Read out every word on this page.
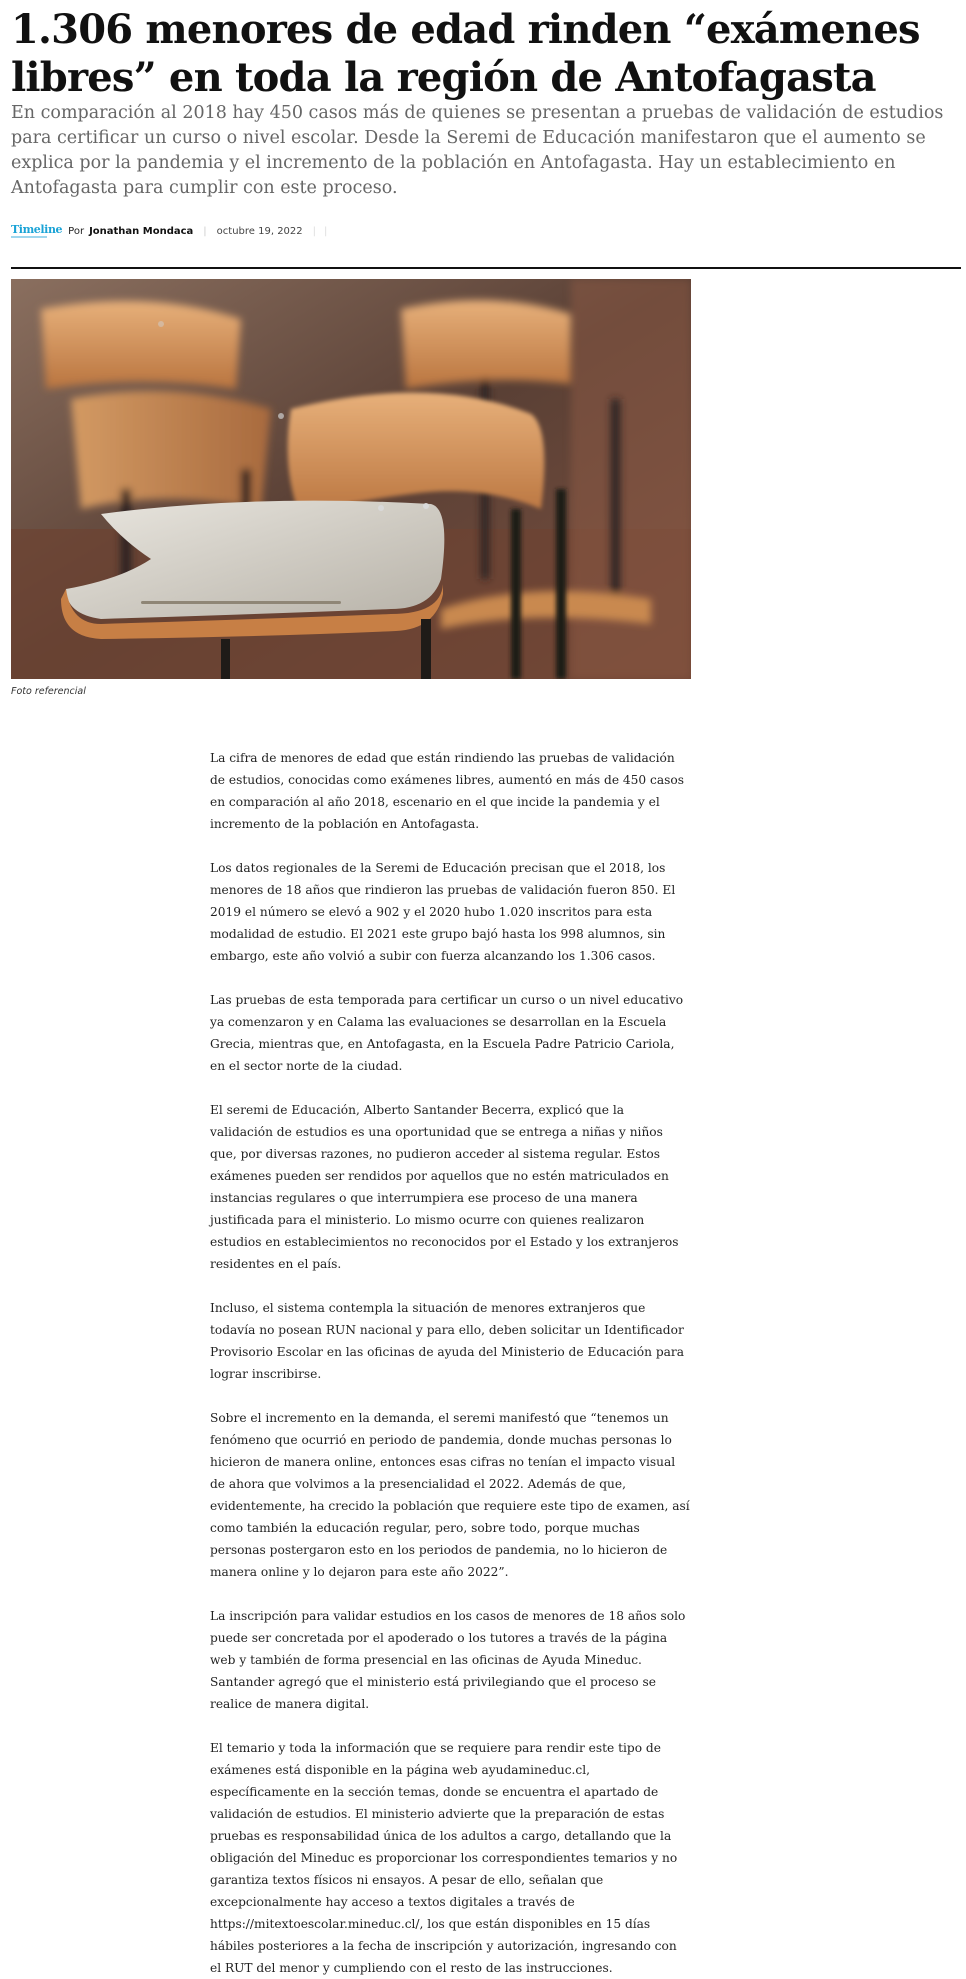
1.306 menores de edad rinden “exámenes libres” en toda la región de Antofagasta

En comparación al 2018 hay 450 casos más de quienes se presentan a pruebas de validación de estudios para certificar un curso o nivel escolar. Desde la Seremi de Educación manifestaron que el aumento se explica por la pandemia y el incremento de la población en Antofagasta. Hay un establecimiento en Antofagasta para cumplir con este proceso.

Timeline Por Jonathan Mondaca | octubre 19, 2022 | |
Foto referencial

La cifra de menores de edad que están rindiendo las pruebas de validación de estudios, conocidas como exámenes libres, aumentó en más de 450 casos en comparación al año 2018, escenario en el que incide la pandemia y el incremento de la población en Antofagasta.

Los datos regionales de la Seremi de Educación precisan que el 2018, los menores de 18 años que rindieron las pruebas de validación fueron 850. El 2019 el número se elevó a 902 y el 2020 hubo 1.020 inscritos para esta modalidad de estudio. El 2021 este grupo bajó hasta los 998 alumnos, sin embargo, este año volvió a subir con fuerza alcanzando los 1.306 casos.

Las pruebas de esta temporada para certificar un curso o un nivel educativo ya comenzaron y en Calama las evaluaciones se desarrollan en la Escuela Grecia, mientras que, en Antofagasta, en la Escuela Padre Patricio Cariola, en el sector norte de la ciudad.

El seremi de Educación, Alberto Santander Becerra, explicó que la validación de estudios es una oportunidad que se entrega a niñas y niños que, por diversas razones, no pudieron acceder al sistema regular. Estos exámenes pueden ser rendidos por aquellos que no estén matriculados en instancias regulares o que interrumpiera ese proceso de una manera justificada para el ministerio. Lo mismo ocurre con quienes realizaron estudios en establecimientos no reconocidos por el Estado y los extranjeros residentes en el país.

Incluso, el sistema contempla la situación de menores extranjeros que todavía no posean RUN nacional y para ello, deben solicitar un Identificador Provisorio Escolar en las oficinas de ayuda del Ministerio de Educación para lograr inscribirse.

Sobre el incremento en la demanda, el seremi manifestó que “tenemos un fenómeno que ocurrió en periodo de pandemia, donde muchas personas lo hicieron de manera online, entonces esas cifras no tenían el impacto visual de ahora que volvimos a la presencialidad el 2022. Además de que, evidentemente, ha crecido la población que requiere este tipo de examen, así como también la educación regular, pero, sobre todo, porque muchas personas postergaron esto en los periodos de pandemia, no lo hicieron de manera online y lo dejaron para este año 2022”.

La inscripción para validar estudios en los casos de menores de 18 años solo puede ser concretada por el apoderado o los tutores a través de la página web y también de forma presencial en las oficinas de Ayuda Mineduc. Santander agregó que el ministerio está privilegiando que el proceso se realice de manera digital.

El temario y toda la información que se requiere para rendir este tipo de exámenes está disponible en la página web ayudamineduc.cl, específicamente en la sección temas, donde se encuentra el apartado de validación de estudios. El ministerio advierte que la preparación de estas pruebas es responsabilidad única de los adultos a cargo, detallando que la obligación del Mineduc es proporcionar los correspondientes temarios y no garantiza textos físicos ni ensayos. A pesar de ello, señalan que excepcionalmente hay acceso a textos digitales a través de https://mitextoescolar.mineduc.cl/, los que están disponibles en 15 días hábiles posteriores a la fecha de inscripción y autorización, ingresando con el RUT del menor y cumpliendo con el resto de las instrucciones.
